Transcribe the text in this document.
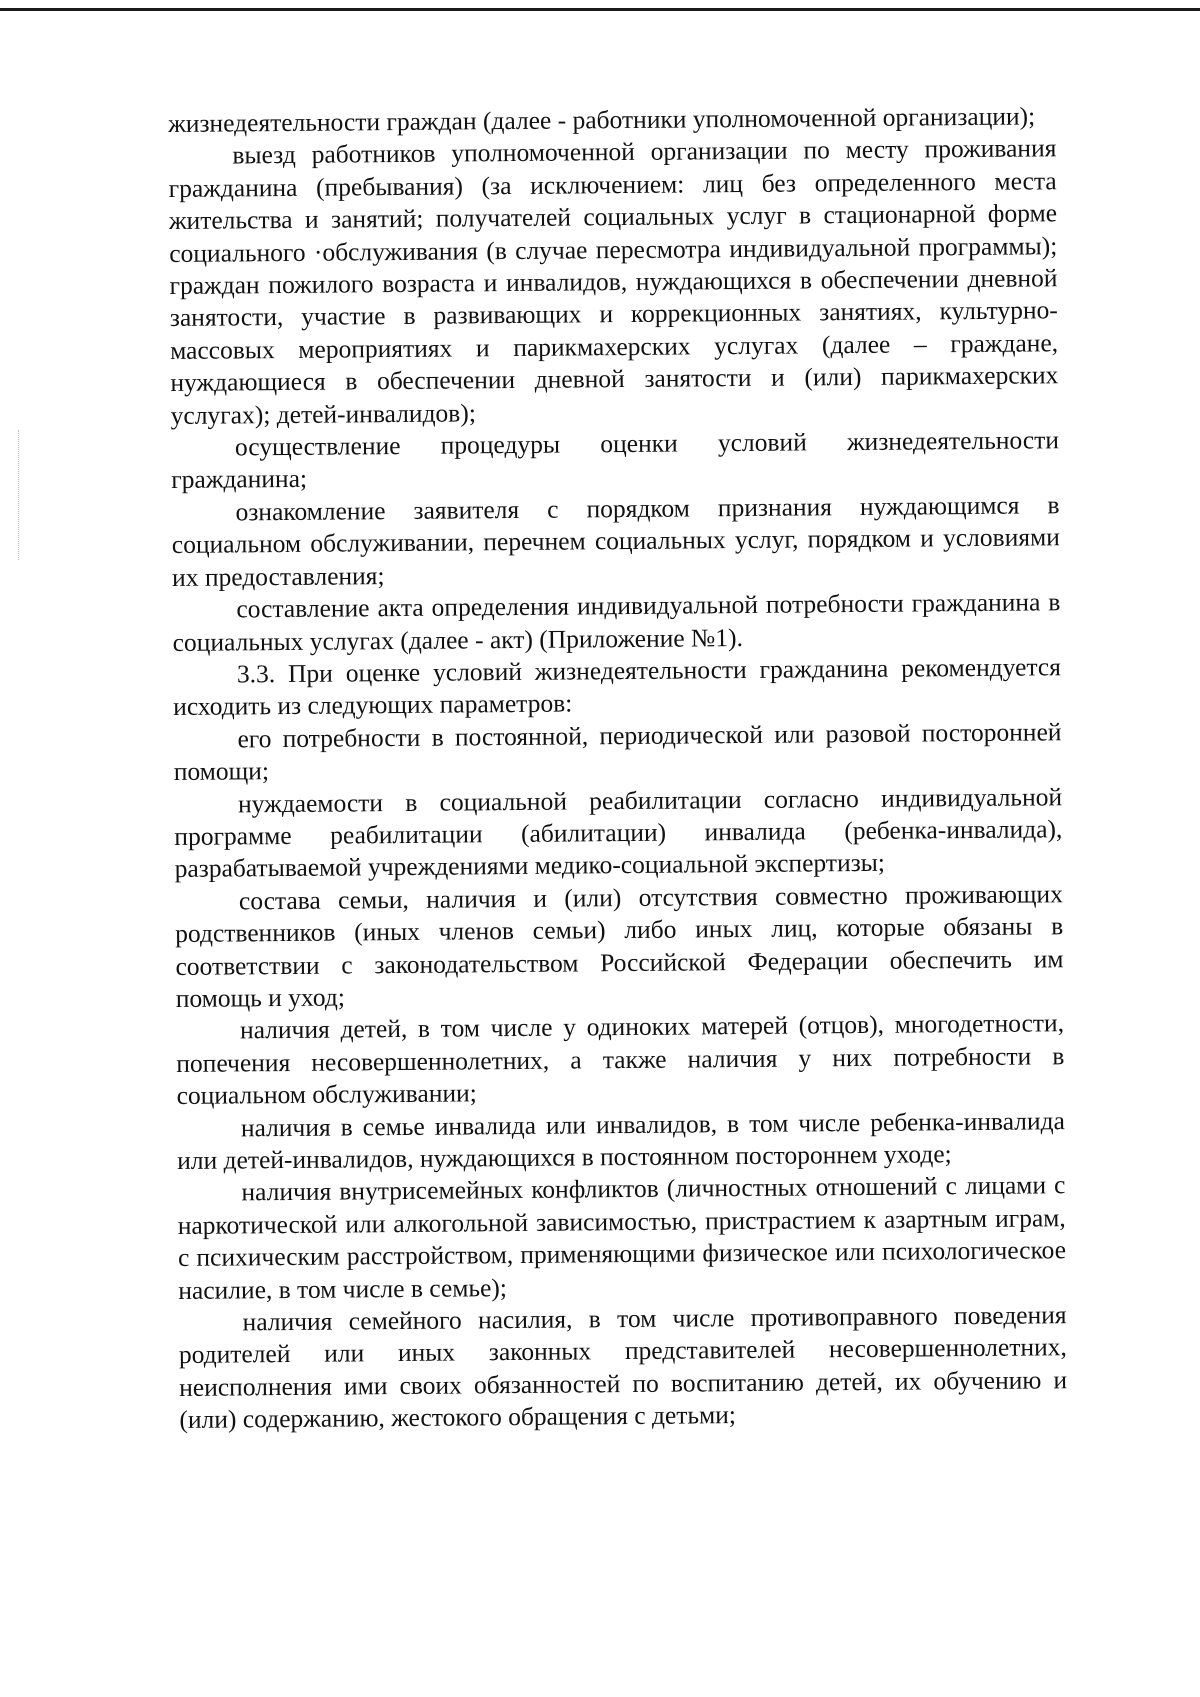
жизнедеятельности граждан (далее - работники уполномоченной организации);

выезд работников уполномоченной организации по месту проживания гражданина (пребывания) (за исключением: лиц без определенного места жительства и занятий; получателей социальных услуг в стационарной форме социального ·обслуживания (в случае пересмотра индивидуальной программы); граждан пожилого возраста и инвалидов, нуждающихся в обеспечении дневной занятости, участие в развивающих и коррекционных занятиях, культурно-массовых мероприятиях и парикмахерских услугах (далее – граждане, нуждающиеся в обеспечении дневной занятости и (или) парикмахерских услугах); детей-инвалидов);

осуществление процедуры оценки условий жизнедеятельности гражданина;

ознакомление заявителя с порядком признания нуждающимся в социальном обслуживании, перечнем социальных услуг, порядком и условиями их предоставления;

составление акта определения индивидуальной потребности гражданина в социальных услугах (далее - акт) (Приложение №1).

3.3. При оценке условий жизнедеятельности гражданина рекомендуется исходить из следующих параметров:

его потребности в постоянной, периодической или разовой посторонней помощи;

нуждаемости в социальной реабилитации согласно индивидуальной программе реабилитации (абилитации) инвалида (ребенка-инвалида), разрабатываемой учреждениями медико-социальной экспертизы;

состава семьи, наличия и (или) отсутствия совместно проживающих родственников (иных членов семьи) либо иных лиц, которые обязаны в соответствии с законодательством Российской Федерации обеспечить им помощь и уход;

наличия детей, в том числе у одиноких матерей (отцов), многодетности, попечения несовершеннолетних, а также наличия у них потребности в социальном обслуживании;

наличия в семье инвалида или инвалидов, в том числе ребенка-инвалида или детей-инвалидов, нуждающихся в постоянном постороннем уходе;

наличия внутрисемейных конфликтов (личностных отношений с лицами с наркотической или алкогольной зависимостью, пристрастием к азартным играм, с психическим расстройством, применяющими физическое или психологическое насилие, в том числе в семье);

наличия семейного насилия, в том числе противоправного поведения родителей или иных законных представителей несовершеннолетних, неисполнения ими своих обязанностей по воспитанию детей, их обучению и (или) содержанию, жестокого обращения с детьми;
